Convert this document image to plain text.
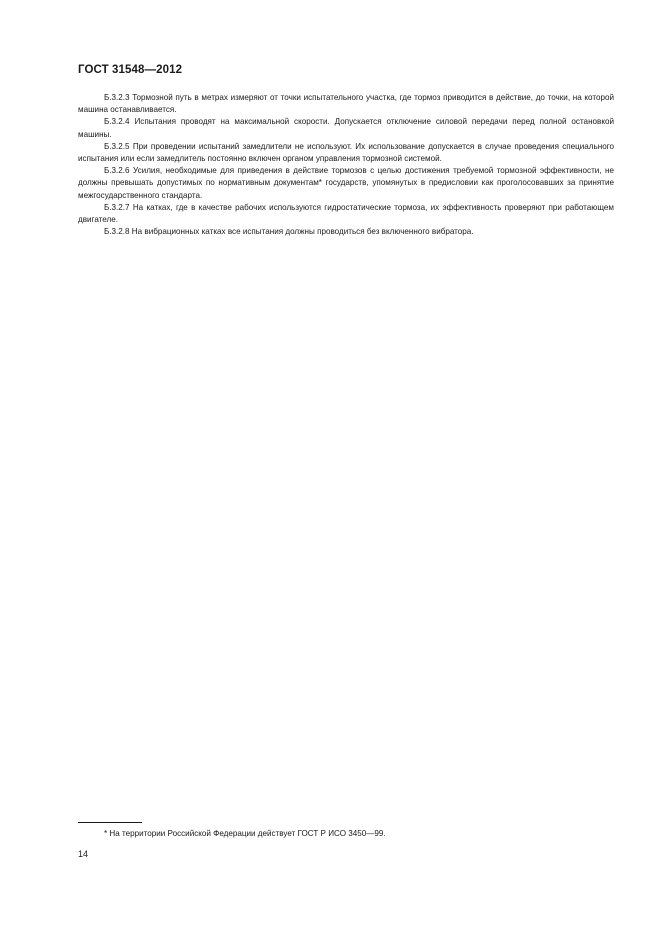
ГОСТ 31548—2012

Б.3.2.3 Тормозной путь в метрах измеряют от точки испытательного участка, где тормоз приводится в действие, до точки, на которой машина останавливается.

Б.3.2.4 Испытания проводят на максимальной скорости. Допускается отключение силовой передачи перед полной остановкой машины.

Б.3.2.5 При проведении испытаний замедлители не используют. Их использование допускается в случае проведения специального испытания или если замедлитель постоянно включен органом управления тормозной системой.

Б.3.2.6 Усилия, необходимые для приведения в действие тормозов с целью достижения требуемой тормозной эффективности, не должны превышать допустимых по нормативным документам* государств, упомянутых в предисловии как проголосовавших за принятие межгосударственного стандарта.

Б.3.2.7 На катках, где в качестве рабочих используются гидростатические тормоза, их эффективность проверяют при работающем двигателе.

Б.3.2.8 На вибрационных катках все испытания должны проводиться без включенного вибратора.

* На территории Российской Федерации действует ГОСТ Р ИСО 3450—99.
14
